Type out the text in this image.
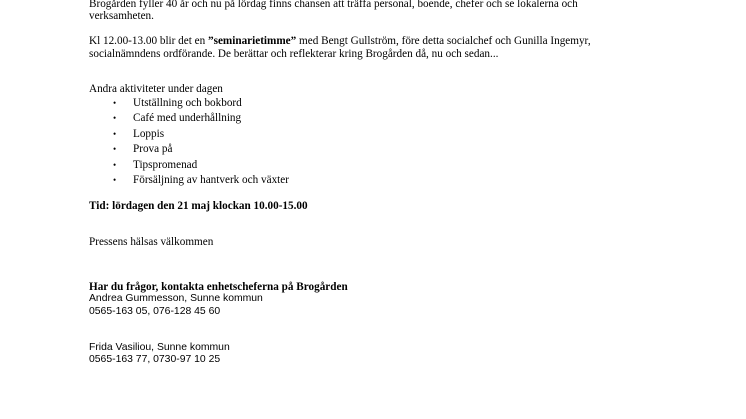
Brogården fyller 40 år och nu på lördag finns chansen att träffa personal, boende, chefer och se lokalerna och
verksamheten.

Kl 12.00-13.00 blir det en ”seminarietimme” med Bengt Gullström, före detta socialchef och Gunilla Ingemyr,
socialnämndens ordförande. De berättar och reflekterar kring Brogården då, nu och sedan...

Andra aktiviteter under dagen

• Utställning och bokbord
• Café med underhållning
• Loppis
• Prova på
• Tipspromenad
• Försäljning av hantverk och växter

Tid: lördagen den 21 maj klockan 10.00-15.00

Pressens hälsas välkommen

Har du frågor, kontakta enhetscheferna på Brogården

Andrea Gummesson, Sunne kommun
0565-163 05, 076-128 45 60

Frida Vasiliou, Sunne kommun
0565-163 77, 0730-97 10 25
